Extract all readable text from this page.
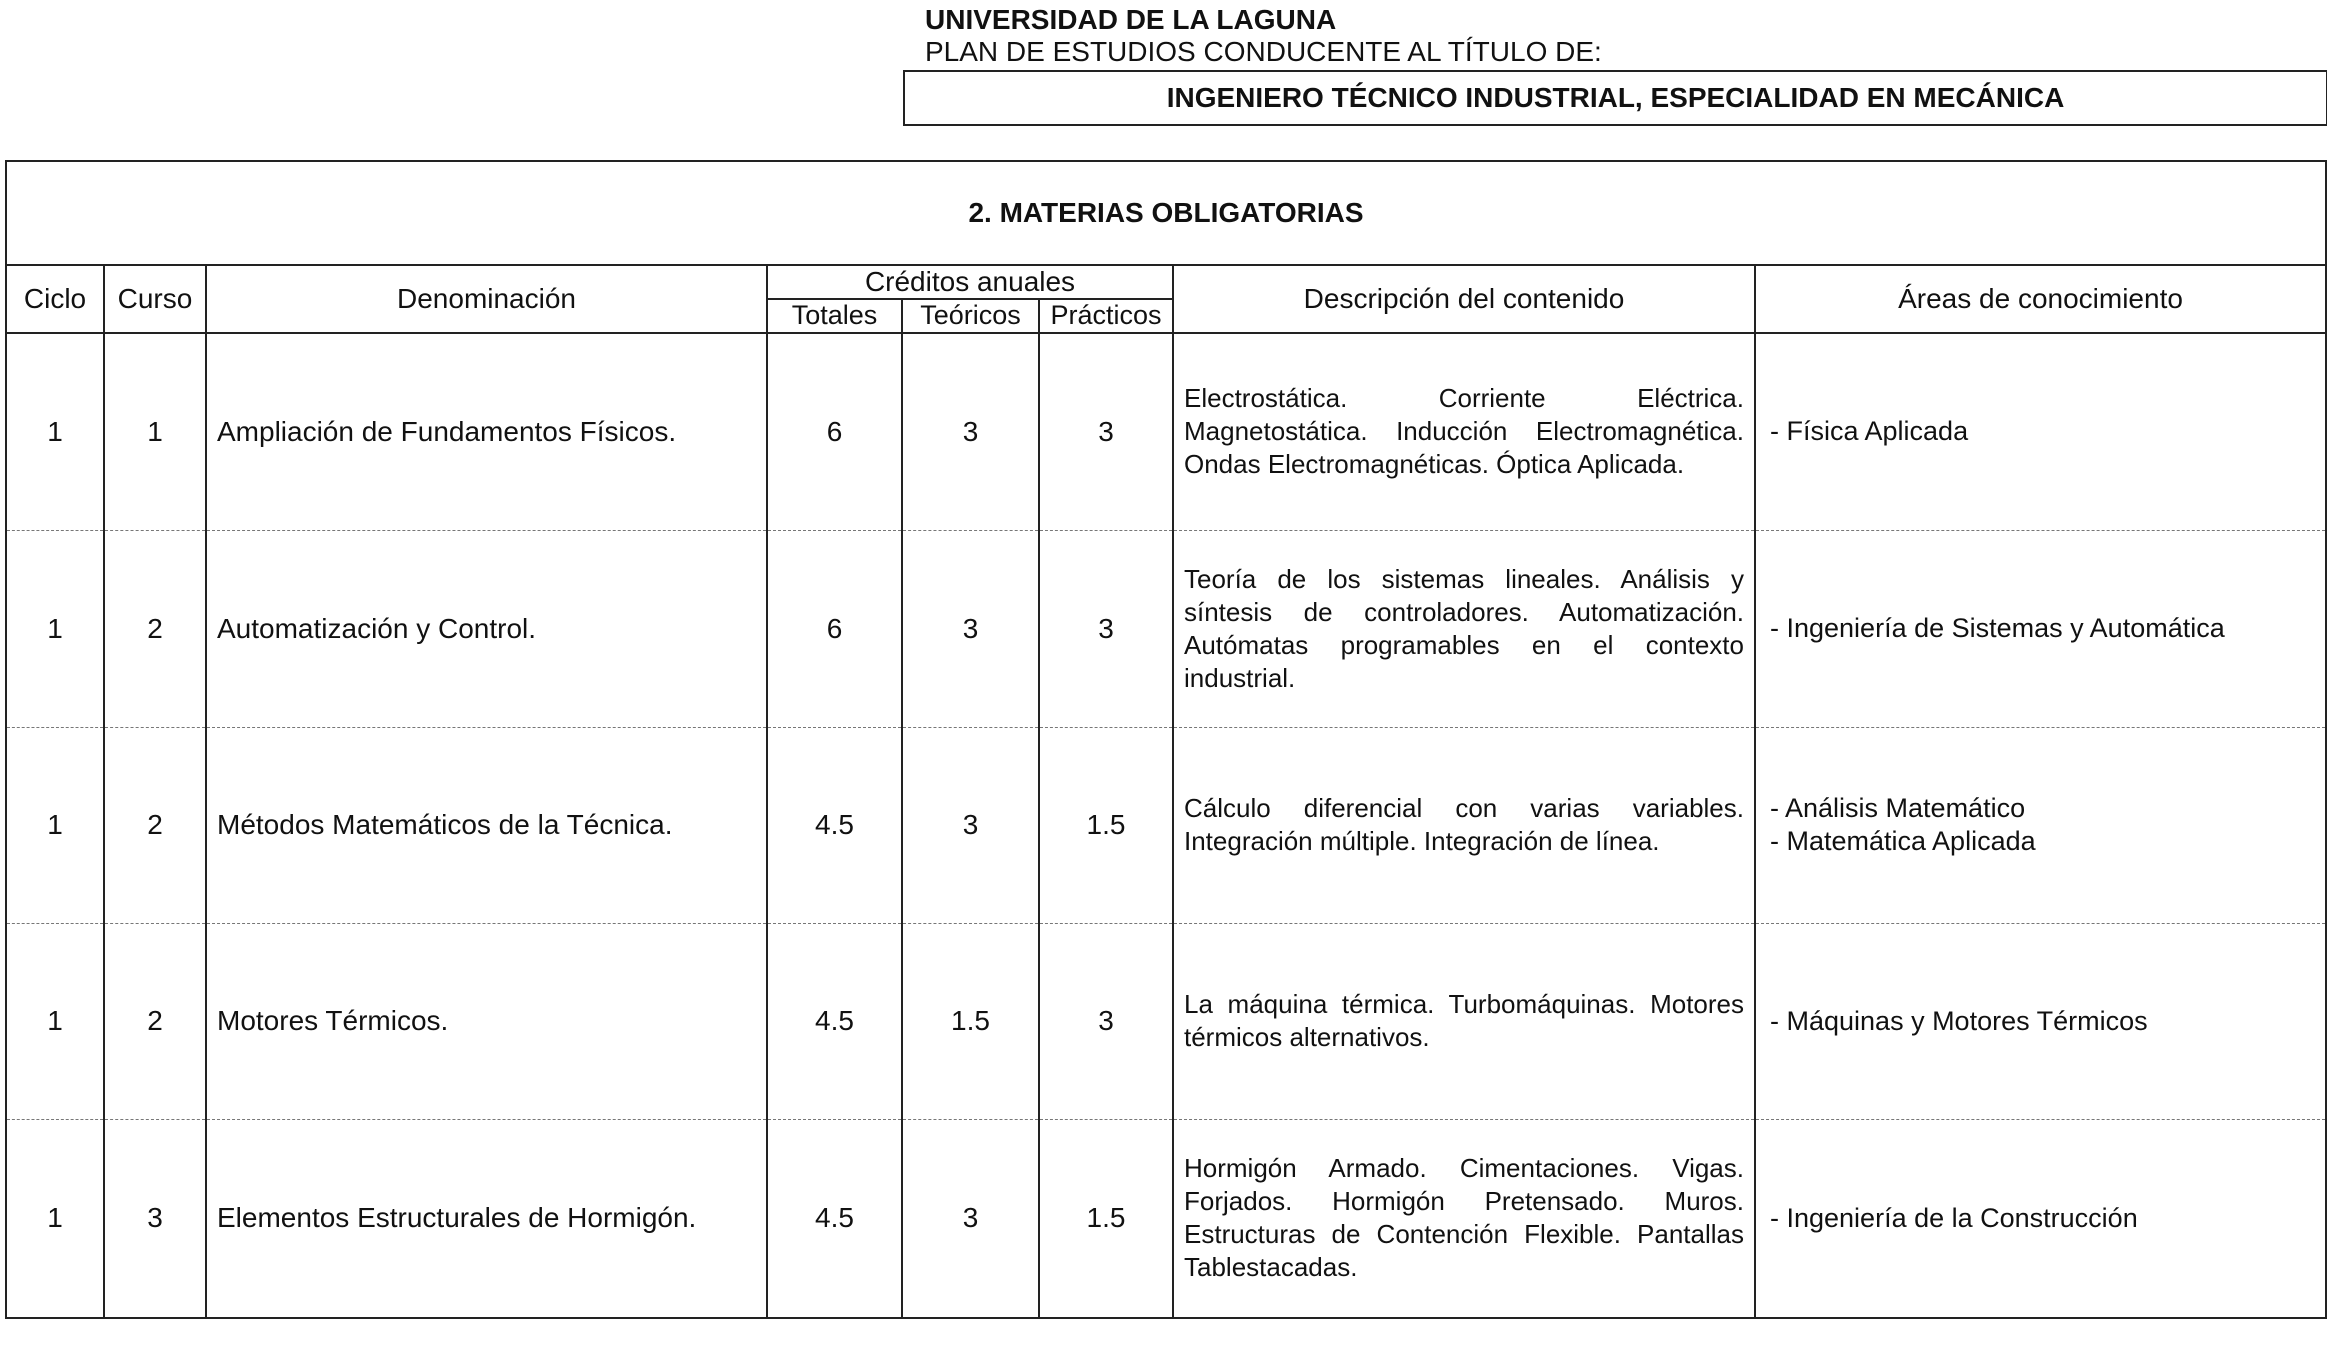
UNIVERSIDAD DE LA LAGUNA

PLAN DE ESTUDIOS CONDUCENTE AL TÍTULO DE:

INGENIERO TÉCNICO INDUSTRIAL, ESPECIALIDAD EN MECÁNICA
2. MATERIAS OBLIGATORIAS							
Ciclo	Curso	Denominación	Créditos anuales			Descripción del contenido	Áreas de conocimiento
			Totales	Teóricos	Prácticos		
1	1	Ampliación de Fundamentos Físicos.	6	3	3	Electrostática. Corriente Eléctrica. Magnetostática. Inducción Electromagnética. Ondas Electromagnéticas. Óptica Aplicada.	- Física Aplicada

1	2	Automatización y Control.	6	3	3	Teoría de los sistemas lineales. Análisis y síntesis de controladores. Automatización. Autómatas programables en el contexto industrial.	- Ingeniería de Sistemas y Automática

1	2	Métodos Matemáticos de la Técnica.	4.5	3	1.5	Cálculo diferencial con varias variables. Integración múltiple. Integración de línea.	- Análisis Matemático

- Matemática Aplicada

1	2	Motores Térmicos.	4.5	1.5	3	La máquina térmica. Turbomáquinas. Motores térmicos alternativos.	- Máquinas y Motores Térmicos

1	3	Elementos Estructurales de Hormigón.	4.5	3	1.5	Hormigón Armado. Cimentaciones. Vigas. Forjados. Hormigón Pretensado. Muros. Estructuras de Contención Flexible. Pantallas Tablestacadas.	- Ingeniería de la Construcción
